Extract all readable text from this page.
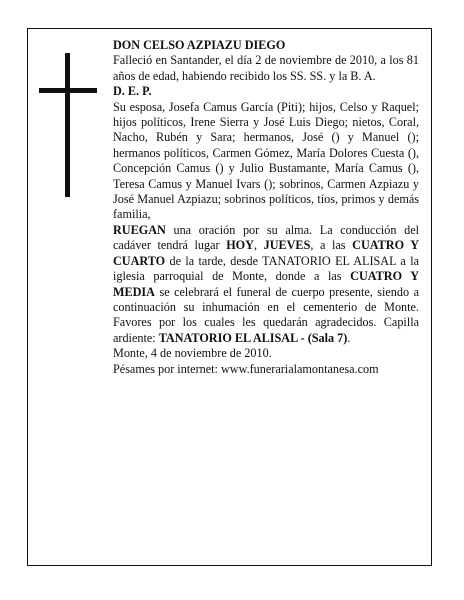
DON CELSO AZPIAZU DIEGO

Falleció en Santander, el día 2 de noviembre de 2010, a los 81 años de edad, habiendo recibido los SS. SS. y la B. A.

D. E. P.

Su esposa, Josefa Camus García (Piti); hijos, Celso y Raquel; hijos políticos, Irene Sierra y José Luis Diego; nietos, Coral, Nacho, Rubén y Sara; hermanos, José () y Manuel (); hermanos políticos, Carmen Gómez, María Dolores Cuesta (), Concepción Camus () y Julio Bustamante, María Camus (), Teresa Camus y Manuel Ivars (); sobrinos, Carmen Azpiazu y José Manuel Azpiazu; sobrinos políticos, tíos, primos y demás familia,

RUEGAN una oración por su alma. La conducción del cadáver tendrá lugar HOY, JUEVES, a las CUATRO Y CUARTO de la tarde, desde TANATORIO EL ALISAL a la iglesia parroquial de Monte, donde a las CUATRO Y MEDIA se celebrará el funeral de cuerpo presente, siendo a continuación su inhumación en el cementerio de Monte. Favores por los cuales les quedarán agradecidos. Capilla ardiente: TANATORIO EL ALISAL - (Sala 7).

Monte, 4 de noviembre de 2010.

Pésames por internet: www.funerarialamontanesa.com
